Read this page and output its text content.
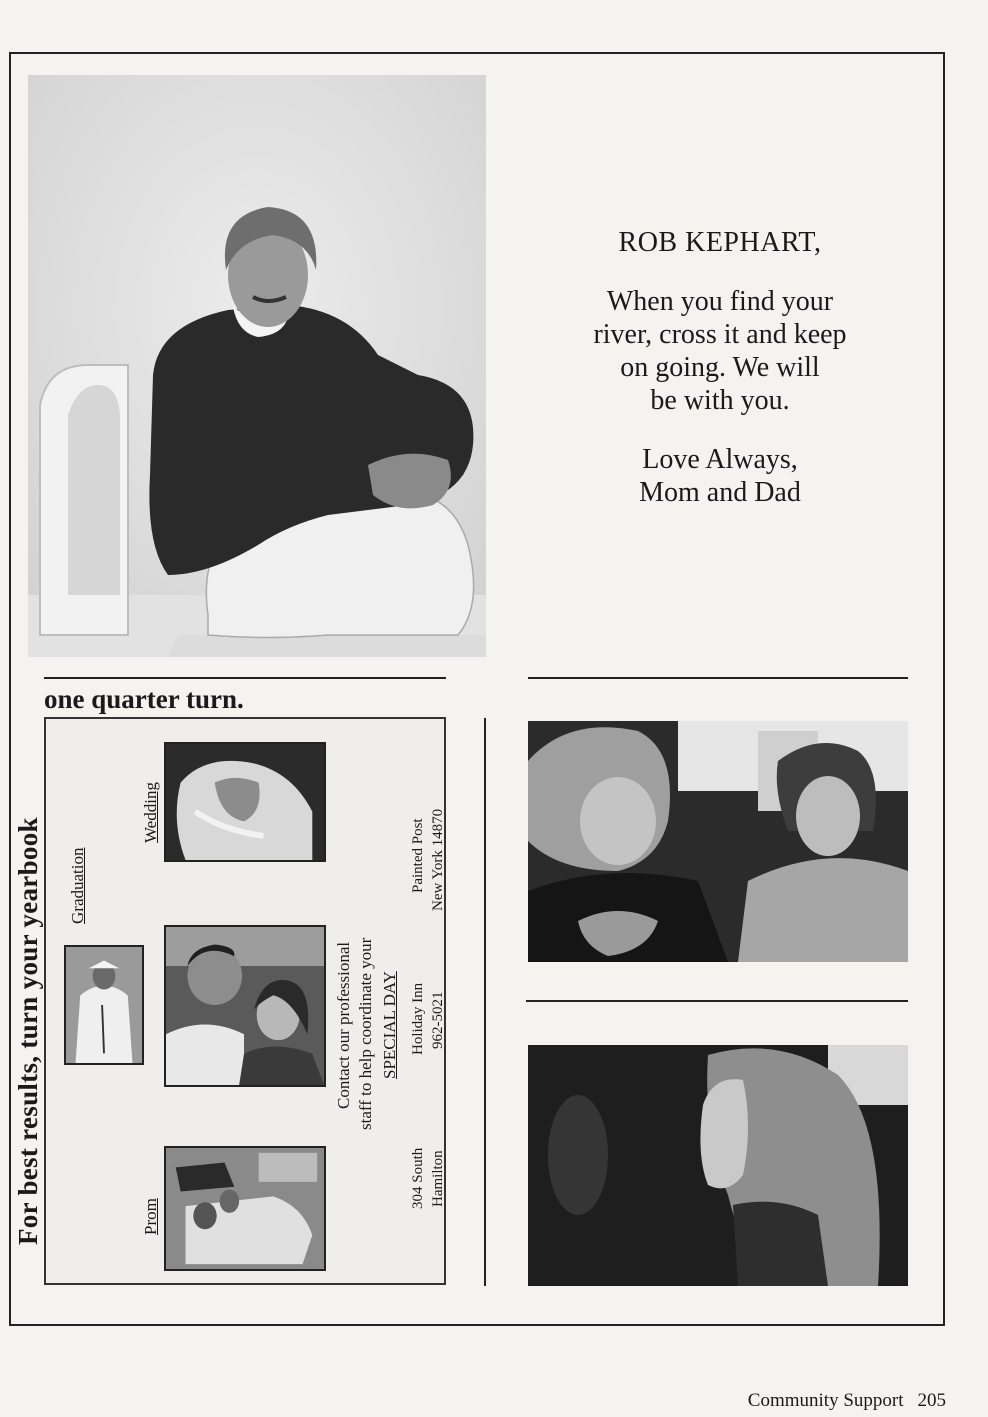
ROB KEPHART,

When you find your

river, cross it and keep

on going. We will

be with you.

Love Always,

Mom and Dad

For best results, turn your yearbook
one quarter turn.
Graduation
Wedding
Prom
Contact our professional staff to help coordinate your SPECIAL DAY
304 South Hamilton
Holiday Inn 962-5021
Painted Post New York 14870
Community Support 205
